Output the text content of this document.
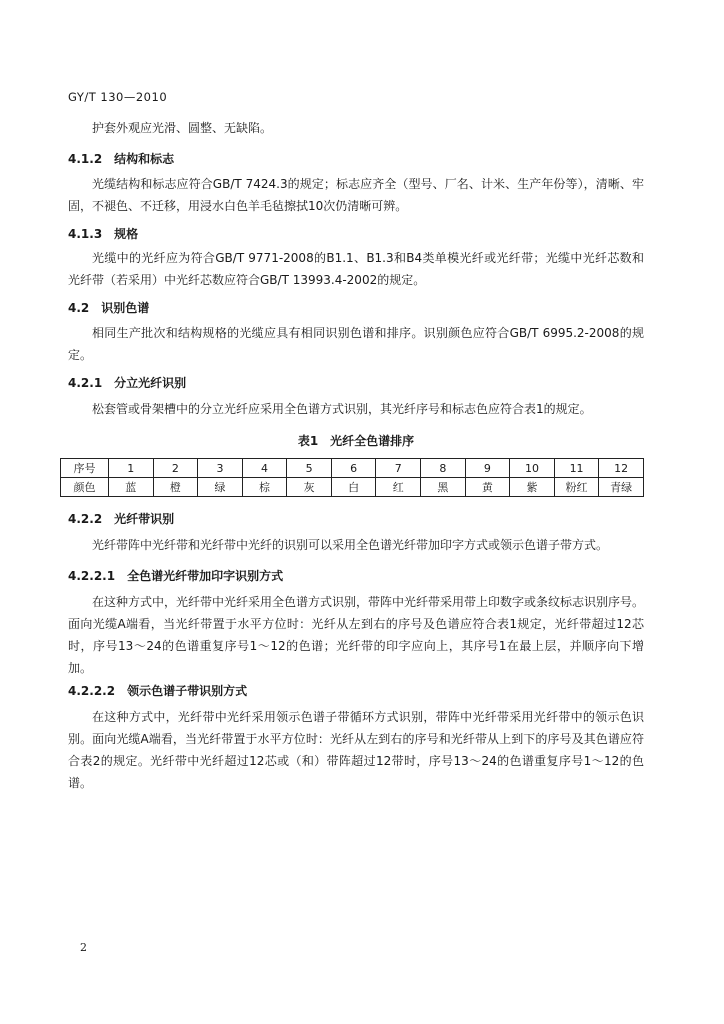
GY/T 130—2010

护套外观应光滑、圆整、无缺陷。

4.1.2　结构和标志

光缆结构和标志应符合GB/T 7424.3的规定；标志应齐全（型号、厂名、计米、生产年份等），清晰、牢固，不褪色、不迁移，用浸水白色羊毛毡擦拭10次仍清晰可辨。

4.1.3　规格

光缆中的光纤应为符合GB/T 9771-2008的B1.1、B1.3和B4类单模光纤或光纤带；光缆中光纤芯数和光纤带（若采用）中光纤芯数应符合GB/T 13993.4-2002的规定。

4.2　识别色谱

相同生产批次和结构规格的光缆应具有相同识别色谱和排序。识别颜色应符合GB/T 6995.2-2008的规定。

4.2.1　分立光纤识别

松套管或骨架槽中的分立光纤应采用全色谱方式识别，其光纤序号和标志色应符合表1的规定。

表1　光纤全色谱排序
序号	1	2	3	4	5	6	7	8	9	10	11	12
颜色	蓝	橙	绿	棕	灰	白	红	黑	黄	紫	粉红	青绿
4.2.2　光纤带识别

光纤带阵中光纤带和光纤带中光纤的识别可以采用全色谱光纤带加印字方式或领示色谱子带方式。

4.2.2.1　全色谱光纤带加印字识别方式

在这种方式中，光纤带中光纤采用全色谱方式识别，带阵中光纤带采用带上印数字或条纹标志识别序号。面向光缆A端看，当光纤带置于水平方位时：光纤从左到右的序号及色谱应符合表1规定，光纤带超过12芯时，序号13～24的色谱重复序号1～12的色谱；光纤带的印字应向上，其序号1在最上层，并顺序向下增加。

4.2.2.2　领示色谱子带识别方式

在这种方式中，光纤带中光纤采用领示色谱子带循环方式识别，带阵中光纤带采用光纤带中的领示色识别。面向光缆A端看，当光纤带置于水平方位时：光纤从左到右的序号和光纤带从上到下的序号及其色谱应符合表2的规定。光纤带中光纤超过12芯或（和）带阵超过12带时，序号13～24的色谱重复序号1～12的色谱。

2
